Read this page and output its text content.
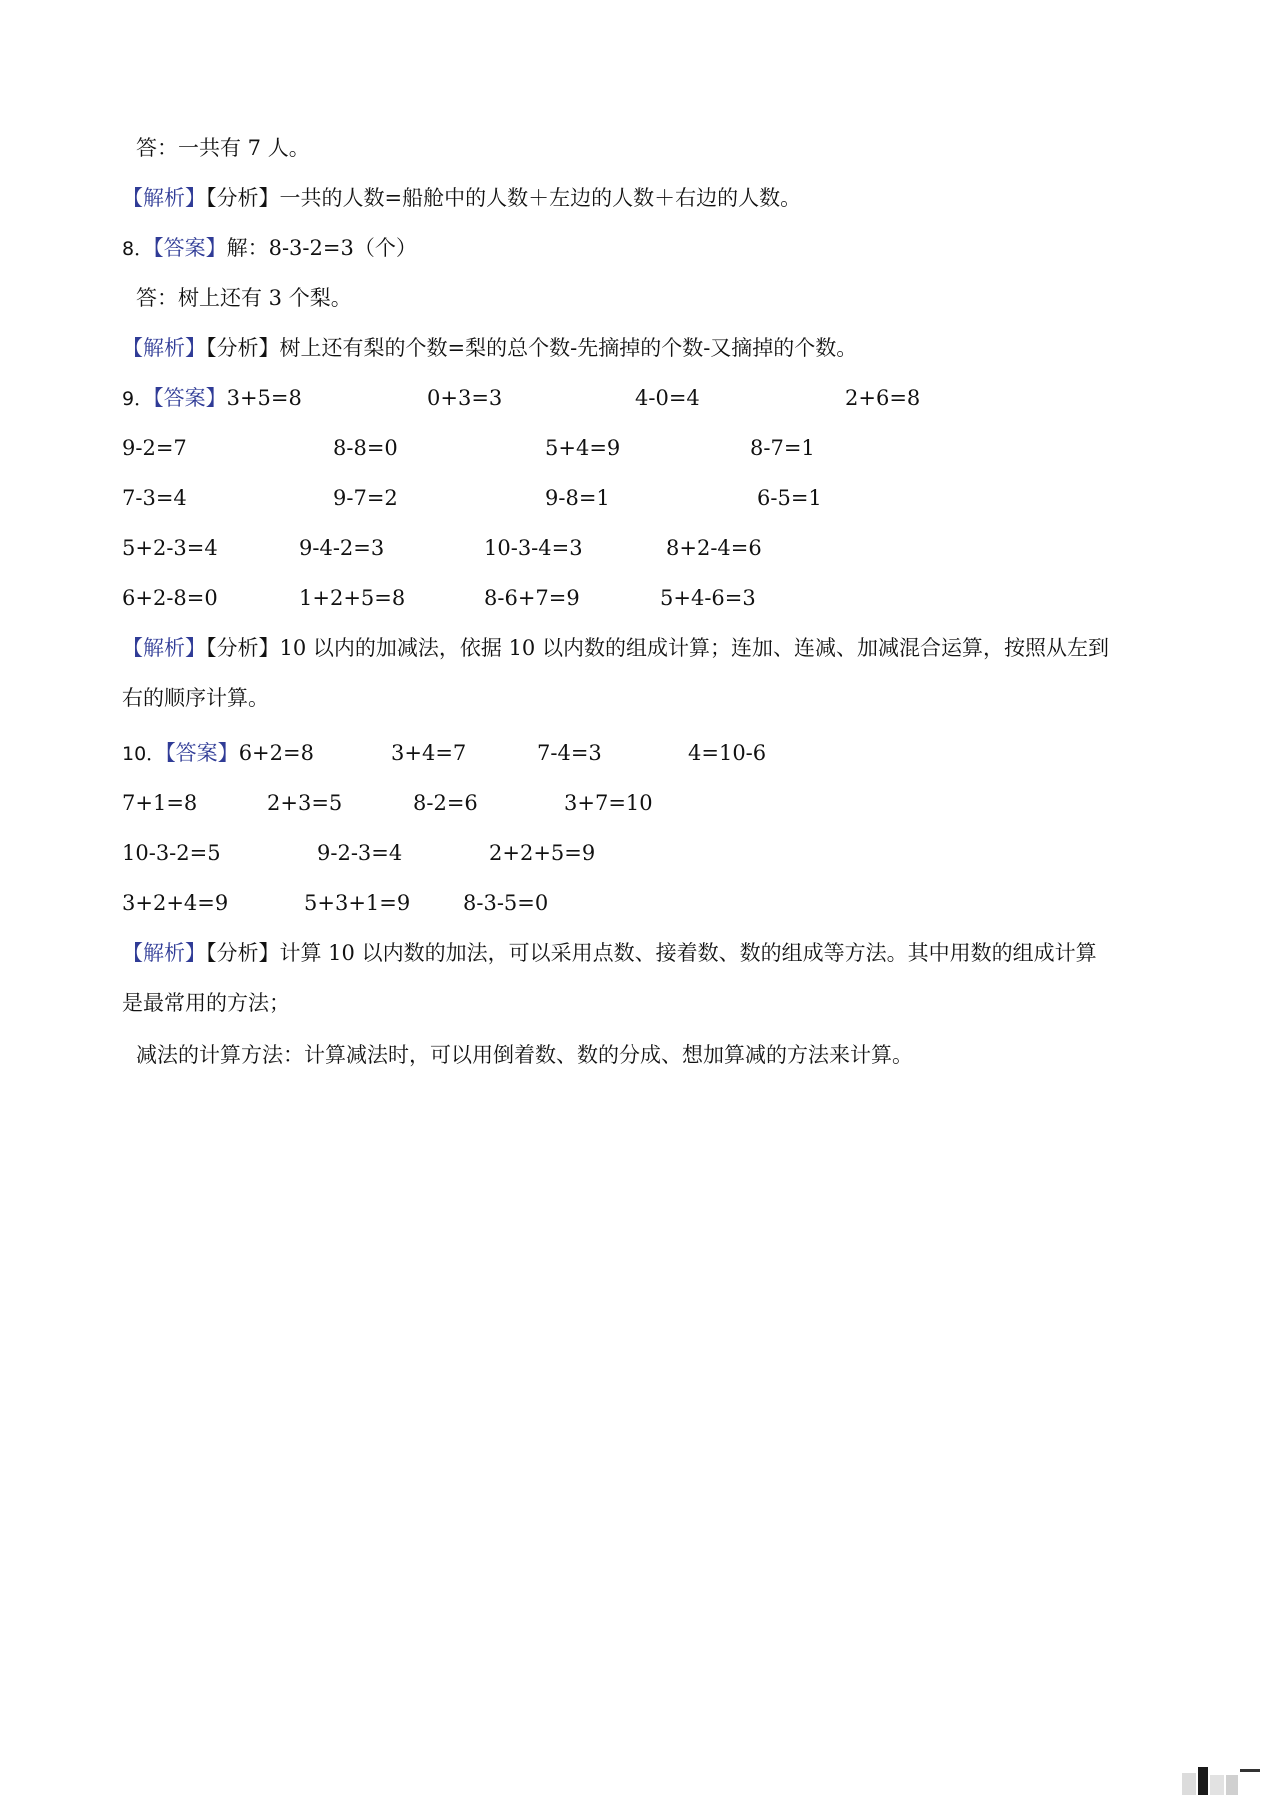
答：一共有 7 人。
【解析】【分析】一共的人数=船舱中的人数＋左边的人数＋右边的人数。
8．【答案】解：8-3-2=3（个）
答：树上还有 3 个梨。
【解析】【分析】树上还有梨的个数=梨的总个数-先摘掉的个数-又摘掉的个数。
9．【答案】3+5=8	0+3=3	4-0=4	2+6=8
9-2=7	8-8=0	5+4=9	8-7=1
7-3=4	9-7=2	9-8=1	6-5=1
5+2-3=4	9-4-2=3	10-3-4=3	8+2-4=6
6+2-8=0	1+2+5=8	8-6+7=9	5+4-6=3
【解析】【分析】10 以内的加减法，依据 10 以内数的组成计算；连加、连减、加减混合运算，按照从左到
右的顺序计算。
10．【答案】6+2=8	3+4=7	7-4=3	4=10-6
7+1=8	2+3=5	8-2=6	3+7=10
10-3-2=5	9-2-3=4	2+2+5=9
3+2+4=9	5+3+1=9	8-3-5=0
【解析】【分析】计算 10 以内数的加法，可以采用点数、接着数、数的组成等方法。其中用数的组成计算
是最常用的方法；
减法的计算方法：计算减法时，可以用倒着数、数的分成、想加算减的方法来计算。
